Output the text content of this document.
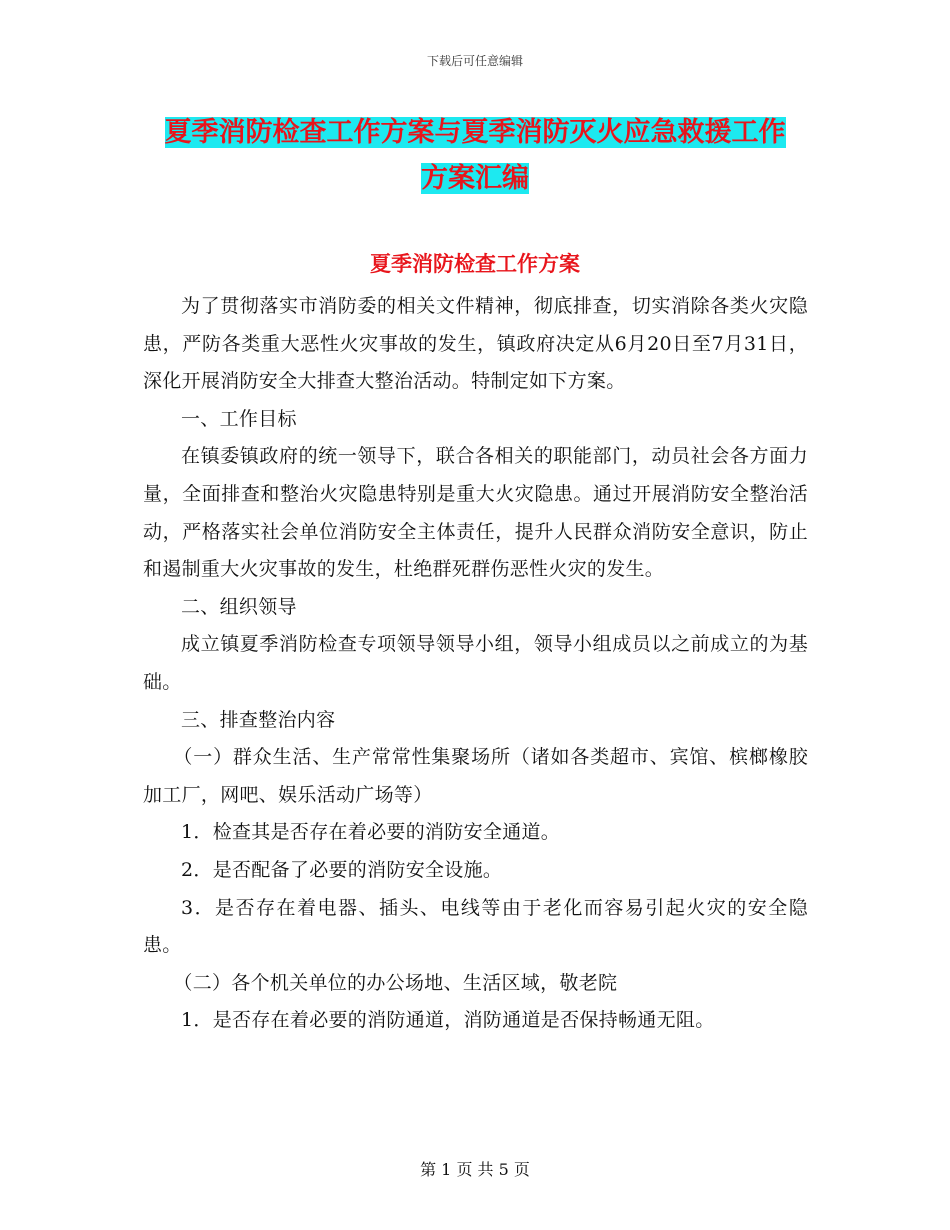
下载后可任意编辑
夏季消防检查工作方案与夏季消防灭火应急救援工作
方案汇编
夏季消防检查工作方案

为了贯彻落实市消防委的相关文件精神，彻底排查，切实消除各类火灾隐患，严防各类重大恶性火灾事故的发生，镇政府决定从6月20日至7月31日，深化开展消防安全大排查大整治活动。特制定如下方案。

一、工作目标

在镇委镇政府的统一领导下，联合各相关的职能部门，动员社会各方面力量，全面排查和整治火灾隐患特别是重大火灾隐患。通过开展消防安全整治活动，严格落实社会单位消防安全主体责任，提升人民群众消防安全意识，防止和遏制重大火灾事故的发生，杜绝群死群伤恶性火灾的发生。

二、组织领导

成立镇夏季消防检查专项领导领导小组，领导小组成员以之前成立的为基础。

三、排查整治内容

（一）群众生活、生产常常性集聚场所（诸如各类超市、宾馆、槟榔橡胶加工厂，网吧、娱乐活动广场等）

1．检查其是否存在着必要的消防安全通道。

2．是否配备了必要的消防安全设施。

3．是否存在着电器、插头、电线等由于老化而容易引起火灾的安全隐患。

（二）各个机关单位的办公场地、生活区域，敬老院

1．是否存在着必要的消防通道，消防通道是否保持畅通无阻。

第 1 页 共 5 页
